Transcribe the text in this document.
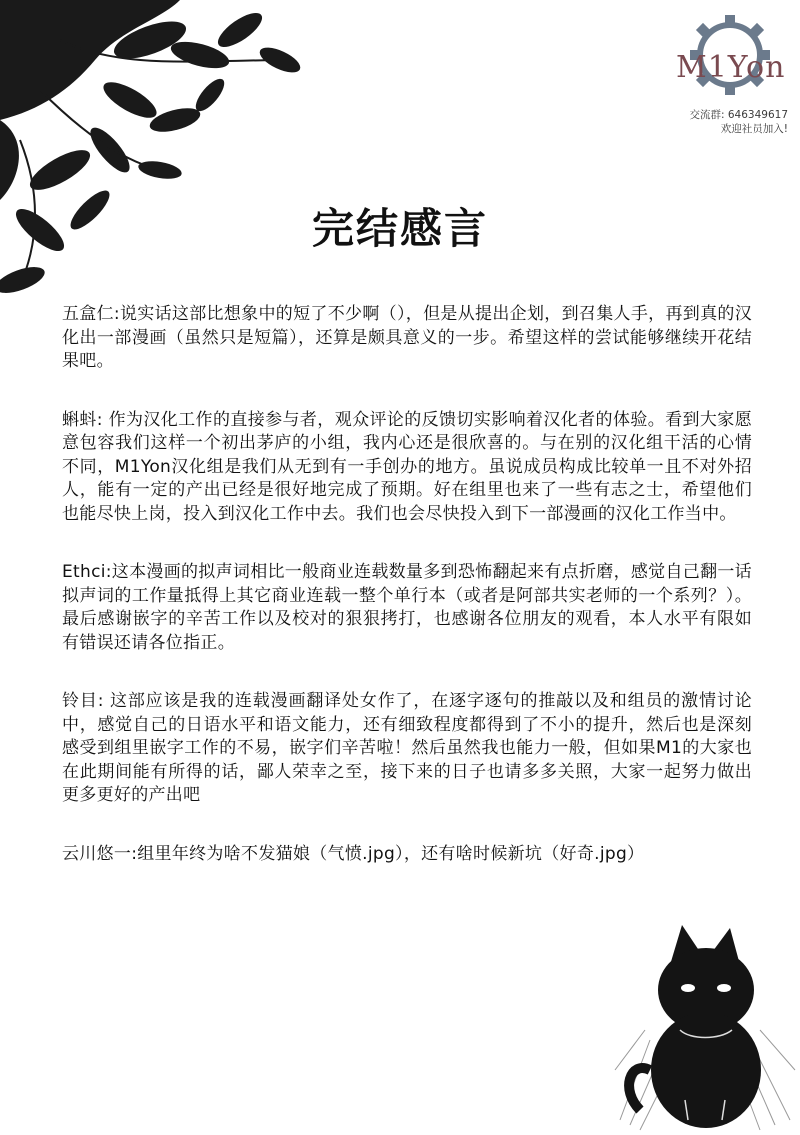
M1Yon
交流群: 646349617
欢迎社员加入!
完结感言

五盒仁:说实话这部比想象中的短了不少啊（），但是从提出企划，到召集人手，再到真的汉化出一部漫画（虽然只是短篇），还算是颇具意义的一步。希望这样的尝试能够继续开花结果吧。

蝌蚪: 作为汉化工作的直接参与者，观众评论的反馈切实影响着汉化者的体验。看到大家愿意包容我们这样一个初出茅庐的小组，我内心还是很欣喜的。与在别的汉化组干活的心情不同，M1Yon汉化组是我们从无到有一手创办的地方。虽说成员构成比较单一且不对外招人，能有一定的产出已经是很好地完成了预期。好在组里也来了一些有志之士，希望他们也能尽快上岗，投入到汉化工作中去。我们也会尽快投入到下一部漫画的汉化工作当中。

Ethci:这本漫画的拟声词相比一般商业连载数量多到恐怖翻起来有点折磨，感觉自己翻一话拟声词的工作量抵得上其它商业连载一整个单行本（或者是阿部共实老师的一个系列？）。最后感谢嵌字的辛苦工作以及校对的狠狠拷打，也感谢各位朋友的观看，本人水平有限如有错误还请各位指正。

铃目: 这部应该是我的连载漫画翻译处女作了，在逐字逐句的推敲以及和组员的激情讨论中，感觉自己的日语水平和语文能力，还有细致程度都得到了不小的提升，然后也是深刻感受到组里嵌字工作的不易，嵌字们辛苦啦！然后虽然我也能力一般，但如果M1的大家也在此期间能有所得的话，鄙人荣幸之至，接下来的日子也请多多关照，大家一起努力做出更多更好的产出吧

云川悠一:组里年终为啥不发猫娘（气愤.jpg），还有啥时候新坑（好奇.jpg）
